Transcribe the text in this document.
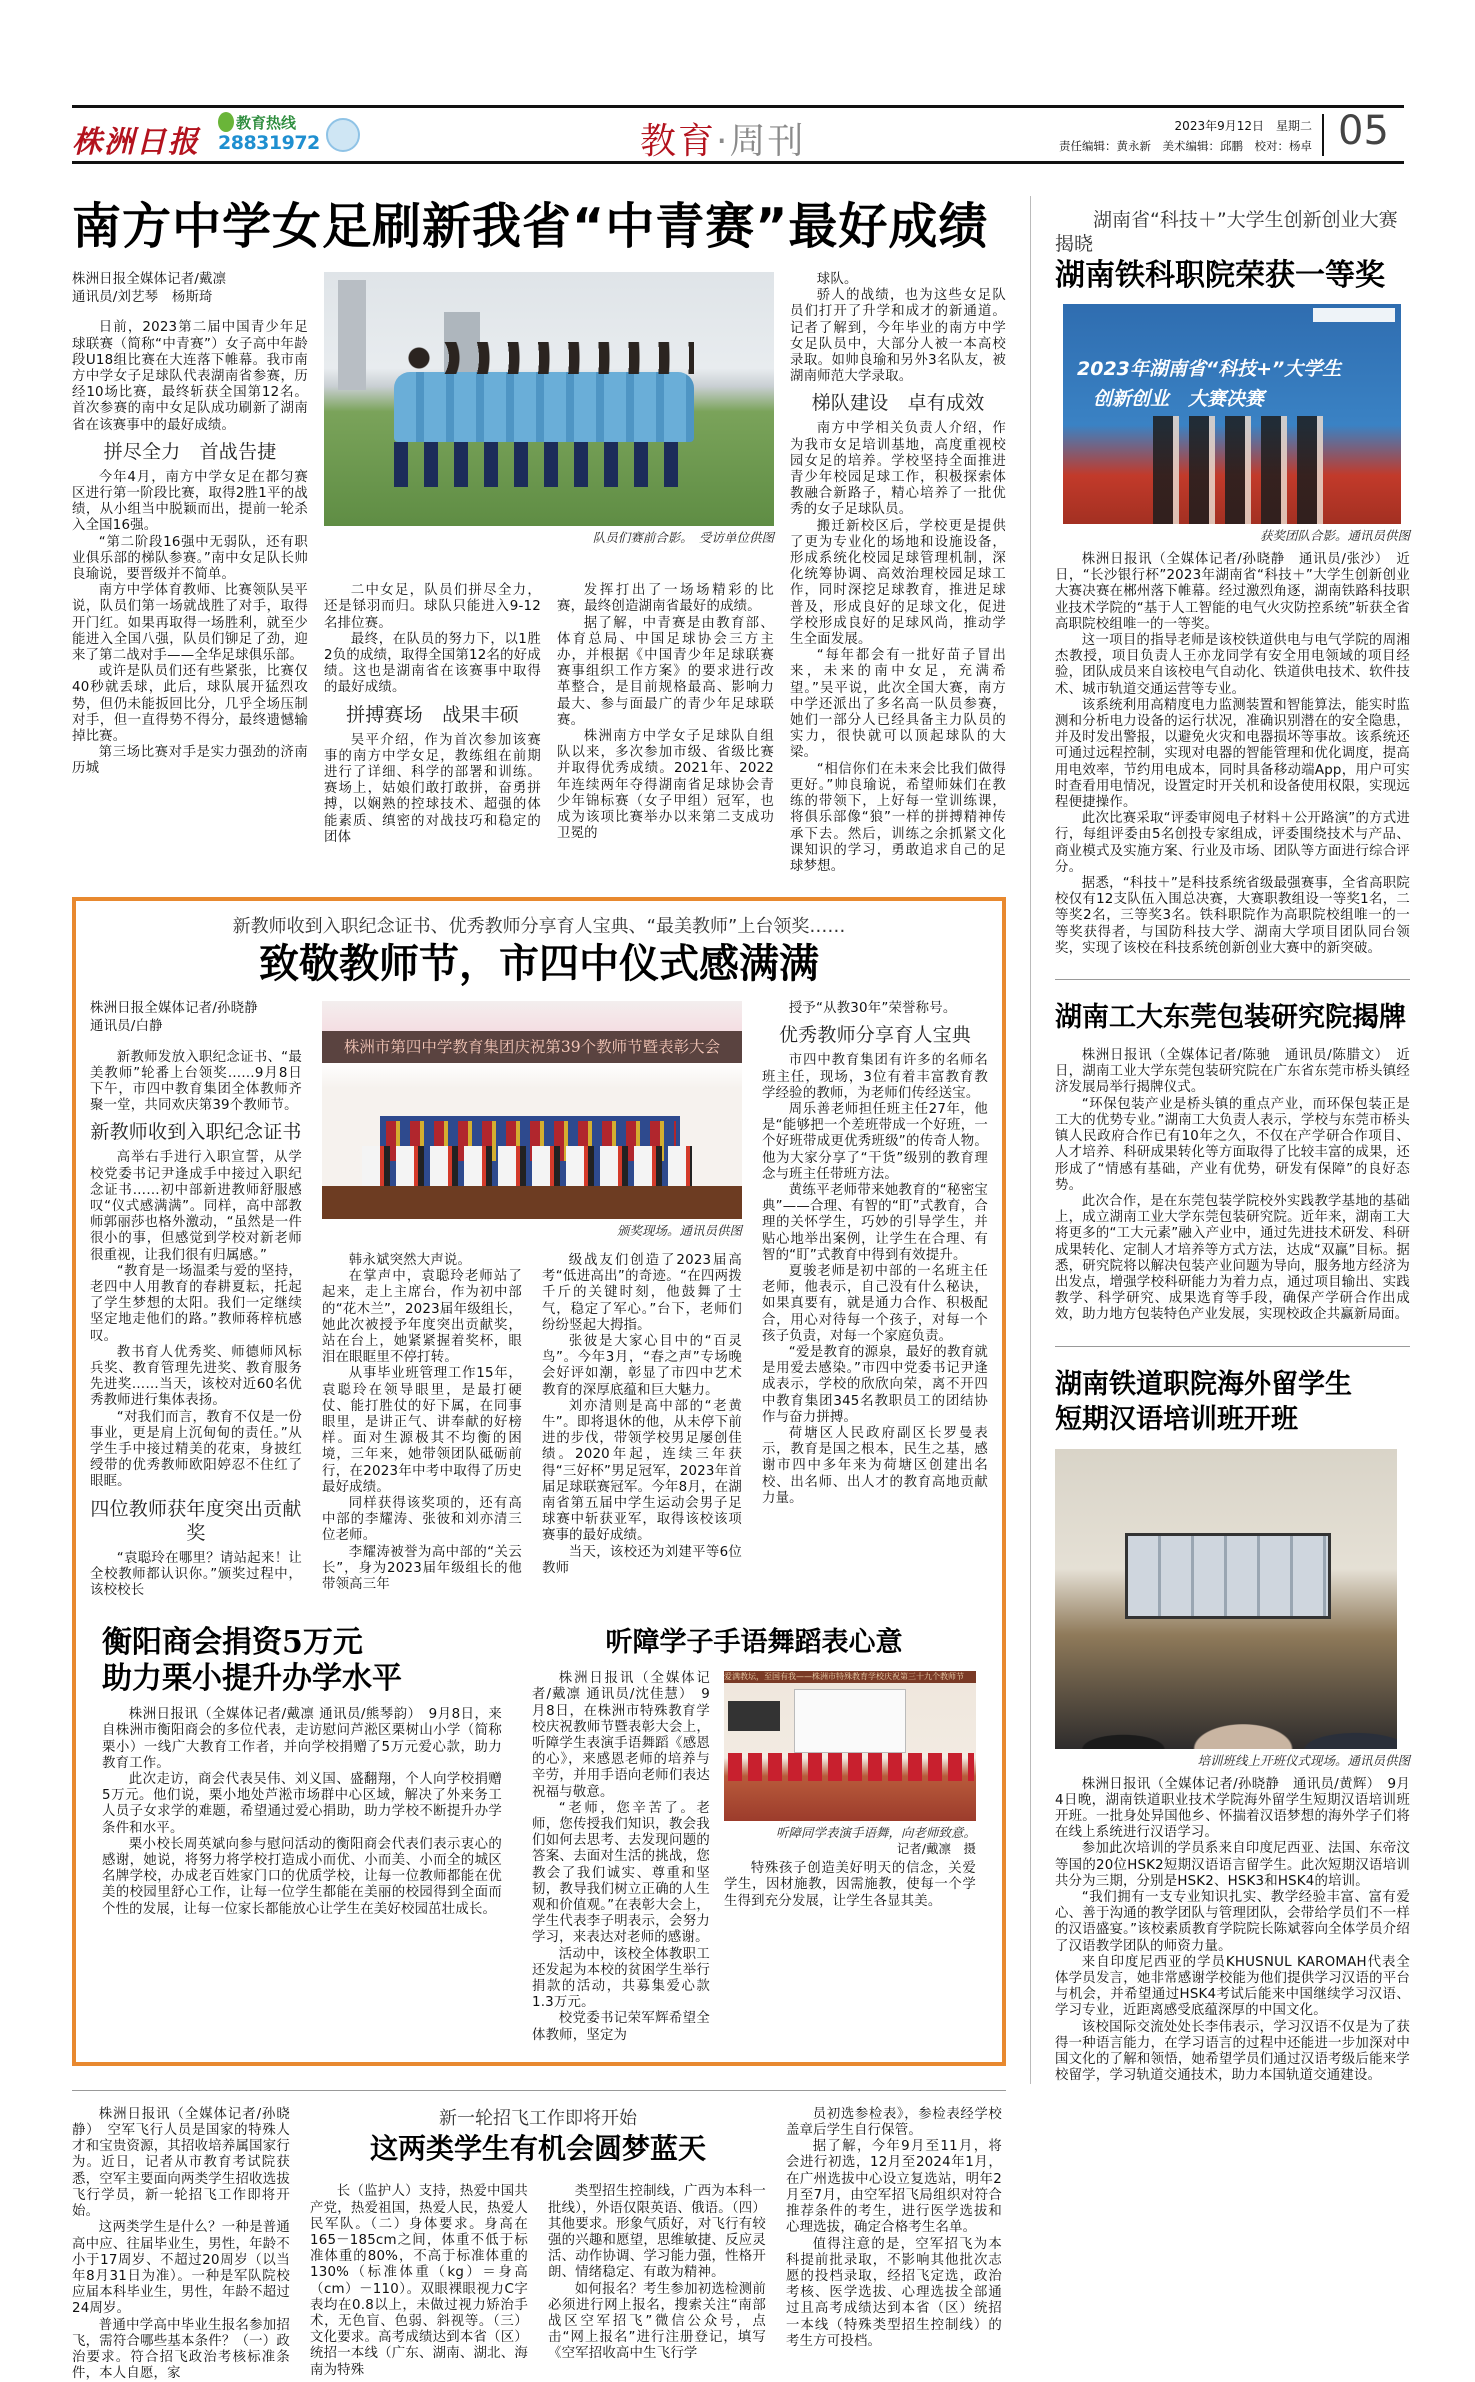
株洲日报
教育热线
28831972	教育·周刊	2023年9月12日　星期二
责任编辑：黄永新　美术编辑：邱鹏　校对：杨卓 05
南方中学女足刷新我省“中青赛”最好成绩

株洲日报全媒体记者/戴凛

通讯员/刘艺琴　杨斯琦

日前，2023第二届中国青少年足球联赛（简称“中青赛”）女子高中年龄段U18组比赛在大连落下帷幕。我市南方中学女子足球队代表湖南省参赛，历经10场比赛，最终斩获全国第12名。首次参赛的南中女足队成功刷新了湖南省在该赛事中的最好成绩。

拼尽全力　首战告捷

今年4月，南方中学女足在都匀赛区进行第一阶段比赛，取得2胜1平的战绩，从小组当中脱颖而出，提前一轮杀入全国16强。

“第二阶段16强中无弱队，还有职业俱乐部的梯队参赛。”南中女足队长帅良瑜说，要晋级并不简单。

南方中学体育教师、比赛领队吴平说，队员们第一场就战胜了对手，取得开门红。如果再取得一场胜利，就至少能进入全国八强，队员们铆足了劲，迎来了第二战对手——全华足球俱乐部。

或许是队员们还有些紧张，比赛仅40秒就丢球，此后，球队展开猛烈攻势，但仍未能扳回比分，几乎全场压制对手，但一直得势不得分，最终遗憾输掉比赛。

第三场比赛对手是实力强劲的济南历城

队员们赛前合影。　受访单位供图

二中女足，队员们拼尽全力，还是铩羽而归。球队只能进入9-12名排位赛。

最终，在队员的努力下，以1胜2负的成绩，取得全国第12名的好成绩。这也是湖南省在该赛事中取得的最好成绩。

拼搏赛场　战果丰硕

吴平介绍，作为首次参加该赛事的南方中学女足，教练组在前期进行了详细、科学的部署和训练。赛场上，姑娘们敢打敢拼，奋勇拼搏，以娴熟的控球技术、超强的体能素质、缜密的对战技巧和稳定的团体

发挥打出了一场场精彩的比赛，最终创造湖南省最好的成绩。

据了解，中青赛是由教育部、体育总局、中国足球协会三方主办，并根据《中国青少年足球联赛赛事组织工作方案》的要求进行改革整合，是目前规格最高、影响力最大、参与面最广的青少年足球联赛。

株洲南方中学女子足球队自组队以来，多次参加市级、省级比赛并取得优秀成绩。2021年、2022年连续两年夺得湖南省足球协会青少年锦标赛（女子甲组）冠军，也成为该项比赛举办以来第二支成功卫冕的

球队。

骄人的战绩，也为这些女足队员们打开了升学和成才的新通道。记者了解到，今年毕业的南方中学女足队员中，大部分人被一本高校录取。如帅良瑜和另外3名队友，被湖南师范大学录取。

梯队建设　卓有成效

南方中学相关负责人介绍，作为我市女足培训基地，高度重视校园女足的培养。学校坚持全面推进青少年校园足球工作，积极探索体教融合新路子，精心培养了一批优秀的女子足球队员。

搬迁新校区后，学校更是提供了更为专业化的场地和设施设备，形成系统化校园足球管理机制，深化统筹协调、高效治理校园足球工作，同时深挖足球教育，推进足球普及，形成良好的足球文化，促进学校形成良好的足球风尚，推动学生全面发展。

“每年都会有一批好苗子冒出来，未来的南中女足，充满希望。”吴平说，此次全国大赛，南方中学还派出了多名高一队员参赛，她们一部分人已经具备主力队员的实力，很快就可以顶起球队的大梁。

“相信你们在未来会比我们做得更好。”帅良瑜说，希望师妹们在教练的带领下，上好每一堂训练课，将俱乐部像“狼”一样的拼搏精神传承下去。然后，训练之余抓紧文化课知识的学习，勇敢追求自己的足球梦想。

新教师收到入职纪念证书、优秀教师分享育人宝典、“最美教师”上台领奖……
致敬教师节，市四中仪式感满满

株洲日报全媒体记者/孙晓静

通讯员/白静

新教师发放入职纪念证书、“最美教师”轮番上台领奖……9月8日下午，市四中教育集团全体教师齐聚一堂，共同欢庆第39个教师节。

新教师收到入职纪念证书

高举右手进行入职宣誓，从学校党委书记尹逢成手中接过入职纪念证书……初中部新进教师舒服感叹“仪式感满满”。同样，高中部教师郭丽莎也格外激动，“虽然是一件很小的事，但感觉到学校对新老师很重视，让我们很有归属感。”

“教育是一场温柔与爱的坚持，老四中人用教育的春耕夏耘，托起了学生梦想的太阳。我们一定继续坚定地走他们的路。”教师蒋梓杭感叹。

教书育人优秀奖、师德师风标兵奖、教育管理先进奖、教育服务先进奖……当天，该校对近60名优秀教师进行集体表扬。

“对我们而言，教育不仅是一份事业，更是肩上沉甸甸的责任。”从学生手中接过精美的花束，身披红绶带的优秀教师欧阳婷忍不住红了眼眶。

四位教师获年度突出贡献奖

“袁聪玲在哪里？请站起来！让全校教师都认识你。”颁奖过程中，该校校长

株洲市第四中学教育集团庆祝第39个教师节暨表彰大会
颁奖现场。通讯员供图

韩永斌突然大声说。

在掌声中，袁聪玲老师站了起来，走上主席台，作为初中部的“花木兰”，2023届年级组长，她此次被授予年度突出贡献奖，站在台上，她紧紧握着奖杯，眼泪在眼眶里不停打转。

从事毕业班管理工作15年，袁聪玲在领导眼里，是最打硬仗、能打胜仗的好下属，在同事眼里，是讲正气、讲奉献的好榜样。面对生源极其不均衡的困境，三年来，她带领团队砥砺前行，在2023年中考中取得了历史最好成绩。

同样获得该奖项的，还有高中部的李耀涛、张彼和刘亦清三位老师。

李耀涛被誉为高中部的“关云长”，身为2023届年级组长的他带领高三年

级战友们创造了2023届高考“低进高出”的奇迹。“在四两拨千斤的关键时刻，他鼓舞了士气，稳定了军心。”台下，老师们纷纷竖起大拇指。

张彼是大家心目中的“百灵鸟”。今年3月，“春之声”专场晚会好评如潮，彰显了市四中艺术教育的深厚底蕴和巨大魅力。

刘亦清则是高中部的“老黄牛”。即将退休的他，从未停下前进的步伐，带领学校男足屡创佳绩。2020年起，连续三年获得“三好杯”男足冠军，2023年首届足球联赛冠军。今年8月，在湖南省第五届中学生运动会男子足球赛中斩获亚军，取得该校该项赛事的最好成绩。

当天，该校还为刘建平等6位教师

授予“从教30年”荣誉称号。

优秀教师分享育人宝典

市四中教育集团有许多的名师名班主任，现场，3位有着丰富教育教学经验的教师，为老师们传经送宝。

周乐善老师担任班主任27年，他是“能够把一个差班带成一个好班，一个好班带成更优秀班级”的传奇人物。他为大家分享了“干货”级别的教育理念与班主任带班方法。

黄练平老师带来她教育的“秘密宝典”——合理、有智的“盯”式教育，合理的关怀学生，巧妙的引导学生，并贴心地举出案例，让学生在合理、有智的“盯”式教育中得到有效提升。

夏骏老师是初中部的一名班主任老师，他表示，自己没有什么秘诀，如果真要有，就是通力合作、积极配合，用心对待每一个孩子，对每一个孩子负责，对每一个家庭负责。

“爱是教育的源泉，最好的教育就是用爱去感染。”市四中党委书记尹逢成表示，学校的欣欣向荣，离不开四中教育集团345名教职员工的团结协作与奋力拼搏。

荷塘区人民政府副区长罗曼表示，教育是国之根本，民生之基，感谢市四中多年来为荷塘区创建出名校、出名师、出人才的教育高地贡献力量。

衡阳商会捐资5万元
助力栗小提升办学水平

株洲日报讯（全媒体记者/戴凛 通讯员/熊琴韵）　9月8日，来自株洲市衡阳商会的多位代表，走访慰问芦淞区栗树山小学（简称栗小）一线广大教育工作者，并向学校捐赠了5万元爱心款，助力教育工作。

此次走访，商会代表吴伟、刘义国、盛翻翔，个人向学校捐赠5万元。他们说，栗小地处芦淞市场群中心区域，解决了外来务工人员子女求学的难题，希望通过爱心捐助，助力学校不断提升办学条件和水平。

栗小校长周英斌向参与慰问活动的衡阳商会代表们表示衷心的感谢，她说，将努力将学校打造成小而优、小而美、小而全的城区名牌学校，办成老百姓家门口的优质学校，让每一位教师都能在优美的校园里舒心工作，让每一位学生都能在美丽的校园得到全面而个性的发展，让每一位家长都能放心让学生在美好校园茁壮成长。

听障学子手语舞蹈表心意

株洲日报讯（全媒体记者/戴凛 通讯员/沈佳慧）　9月8日，在株洲市特殊教育学校庆祝教师节暨表彰大会上，听障学生表演手语舞蹈《感恩的心》，来感恩老师的培养与辛劳，并用手语向老师们表达祝福与敬意。

“老师，您辛苦了。老师，您传授我们知识，教会我们如何去思考、去发现问题的答案、去面对生活的挑战，您教会了我们诚实、尊重和坚韧，教导我们树立正确的人生观和价值观。”在表彰大会上，学生代表李子明表示，会努力学习，来表达对老师的感谢。

活动中，该校全体教职工还发起为本校的贫困学生举行捐款的活动，共募集爱心款1.3万元。

校党委书记荣军辉希望全体教师，坚定为

爱满教坛，至国有我——株洲市特殊教育学校庆祝第三十九个教师节
听障同学表演手语舞，向老师致意。
记者/戴凛　摄

特殊孩子创造美好明天的信念，关爱学生，因材施教，因需施教，使每一个学生得到充分发展，让学生各显其美。

株洲日报讯（全媒体记者/孙晓静）　空军飞行人员是国家的特殊人才和宝贵资源，其招收培养属国家行为。近日，记者从市教育考试院获悉，空军主要面向两类学生招收选拔飞行学员，新一轮招飞工作即将开始。

这两类学生是什么？一种是普通高中应、往届毕业生，男性，年龄不小于17周岁、不超过20周岁（以当年8月31日为准）。一种是军队院校应届本科毕业生，男性，年龄不超过24周岁。

普通中学高中毕业生报名参加招飞，需符合哪些基本条件？（一）政治要求。符合招飞政治考核标准条件，本人自愿，家

新一轮招飞工作即将开始
这两类学生有机会圆梦蓝天

长（监护人）支持，热爱中国共产党，热爱祖国，热爱人民，热爱人民军队。（二）身体要求。身高在165－185cm之间，体重不低于标准体重的80%，不高于标准体重的130%（标准体重（kg）＝身高（cm）－110）。双眼裸眼视力C字表均在0.8以上，未做过视力矫治手术，无色盲、色弱、斜视等。（三）文化要求。高考成绩达到本省（区）统招一本线（广东、湖南、湖北、海南为特殊

类型招生控制线，广西为本科一批线），外语仅限英语、俄语。（四）其他要求。形象气质好，对飞行有较强的兴趣和愿望，思维敏捷、反应灵活、动作协调、学习能力强，性格开朗、情绪稳定、有敢为精神。

如何报名？考生参加初选检测前必须进行网上报名，搜索关注“南部战区空军招飞”微信公众号，点击“网上报名”进行注册登记，填写《空军招收高中生飞行学

员初选参检表》，参检表经学校盖章后学生自行保管。

据了解，今年9月至11月，将会进行初选，12月至2024年1月，在广州选拔中心设立复选站，明年2月至7月，由空军招飞局组织对符合推荐条件的考生，进行医学选拔和心理选拔，确定合格考生名单。

值得注意的是，空军招飞为本科提前批录取，不影响其他批次志愿的投档录取，经招飞定选，政治考核、医学选拔、心理选拔全部通过且高考成绩达到本省（区）统招一本线（特殊类型招生控制线）的考生方可投档。

湖南省“科技＋”大学生创新创业大赛揭晓
湖南铁科职院荣获一等奖
2023年湖南省“科技+”大学生
创新创业　大赛决赛
获奖团队合影。通讯员供图

株洲日报讯（全媒体记者/孙晓静　通讯员/张沙）　近日，“长沙银行杯”2023年湖南省“科技＋”大学生创新创业大赛决赛在郴州落下帷幕。经过激烈角逐，湖南铁路科技职业技术学院的“基于人工智能的电气火灾防控系统”斩获全省高职院校组唯一的一等奖。

这一项目的指导老师是该校铁道供电与电气学院的周湘杰教授，项目负责人王亦龙同学有安全用电领域的项目经验，团队成员来自该校电气自动化、铁道供电技术、软件技术、城市轨道交通运营等专业。

该系统利用高精度电力监测装置和智能算法，能实时监测和分析电力设备的运行状况，准确识别潜在的安全隐患，并及时发出警报，以避免火灾和电器损坏等事故。该系统还可通过远程控制，实现对电器的智能管理和优化调度，提高用电效率，节约用电成本，同时具备移动端App，用户可实时查看用电情况，设置定时开关机和设备使用权限，实现远程便捷操作。

此次比赛采取“评委审阅电子材料＋公开路演”的方式进行，每组评委由5名创投专家组成，评委围绕技术与产品、商业模式及实施方案、行业及市场、团队等方面进行综合评分。

据悉，“科技＋”是科技系统省级最强赛事，全省高职院校仅有12支队伍入围总决赛，大赛职教组设一等奖1名，二等奖2名，三等奖3名。铁科职院作为高职院校组唯一的一等奖获得者，与国防科技大学、湖南大学项目团队同台领奖，实现了该校在科技系统创新创业大赛中的新突破。

湖南工大东莞包装研究院揭牌

株洲日报讯（全媒体记者/陈驰　通讯员/陈腊文）　近日，湖南工业大学东莞包装研究院在广东省东莞市桥头镇经济发展局举行揭牌仪式。

“环保包装产业是桥头镇的重点产业，而环保包装正是工大的优势专业。”湖南工大负责人表示，学校与东莞市桥头镇人民政府合作已有10年之久，不仅在产学研合作项目、人才培养、科研成果转化等方面取得了比较丰富的成果，还形成了“情感有基础，产业有优势，研发有保障”的良好态势。

此次合作，是在东莞包装学院校外实践教学基地的基础上，成立湖南工业大学东莞包装研究院。近年来，湖南工大将更多的“工大元素”融入产业中，通过先进技术研发、科研成果转化、定制人才培养等方式方法，达成“双赢”目标。据悉，研究院将以解决包装产业问题为导向，服务地方经济为出发点，增强学校科研能力为着力点，通过项目输出、实践教学、科学研究、成果选育等手段，确保产学研合作出成效，助力地方包装特色产业发展，实现校政企共赢新局面。

湖南铁道职院海外留学生
短期汉语培训班开班
培训班线上开班仪式现场。通讯员供图

株洲日报讯（全媒体记者/孙晓静　通讯员/黄辉）　9月4日晚，湖南铁道职业技术学院海外留学生短期汉语培训班开班。一批身处异国他乡、怀揣着汉语梦想的海外学子们将在线上系统进行汉语学习。

参加此次培训的学员系来自印度尼西亚、法国、东帝汶等国的20位HSK2短期汉语语言留学生。此次短期汉语培训共分为三期，分别是HSK2、HSK3和HSK4的培训。

“我们拥有一支专业知识扎实、教学经验丰富、富有爱心、善于沟通的教学团队与管理团队，会带给学员们不一样的汉语盛宴。”该校素质教育学院院长陈斌蓉向全体学员介绍了汉语教学团队的师资力量。

来自印度尼西亚的学员KHUSNUL KAROMAH代表全体学员发言，她非常感谢学校能为他们提供学习汉语的平台与机会，并希望通过HSK4考试后能来中国继续学习汉语、学习专业，近距离感受底蕴深厚的中国文化。

该校国际交流处处长李伟表示，学习汉语不仅是为了获得一种语言能力，在学习语言的过程中还能进一步加深对中国文化的了解和领悟，她希望学员们通过汉语考级后能来学校留学，学习轨道交通技术，助力本国轨道交通建设。
